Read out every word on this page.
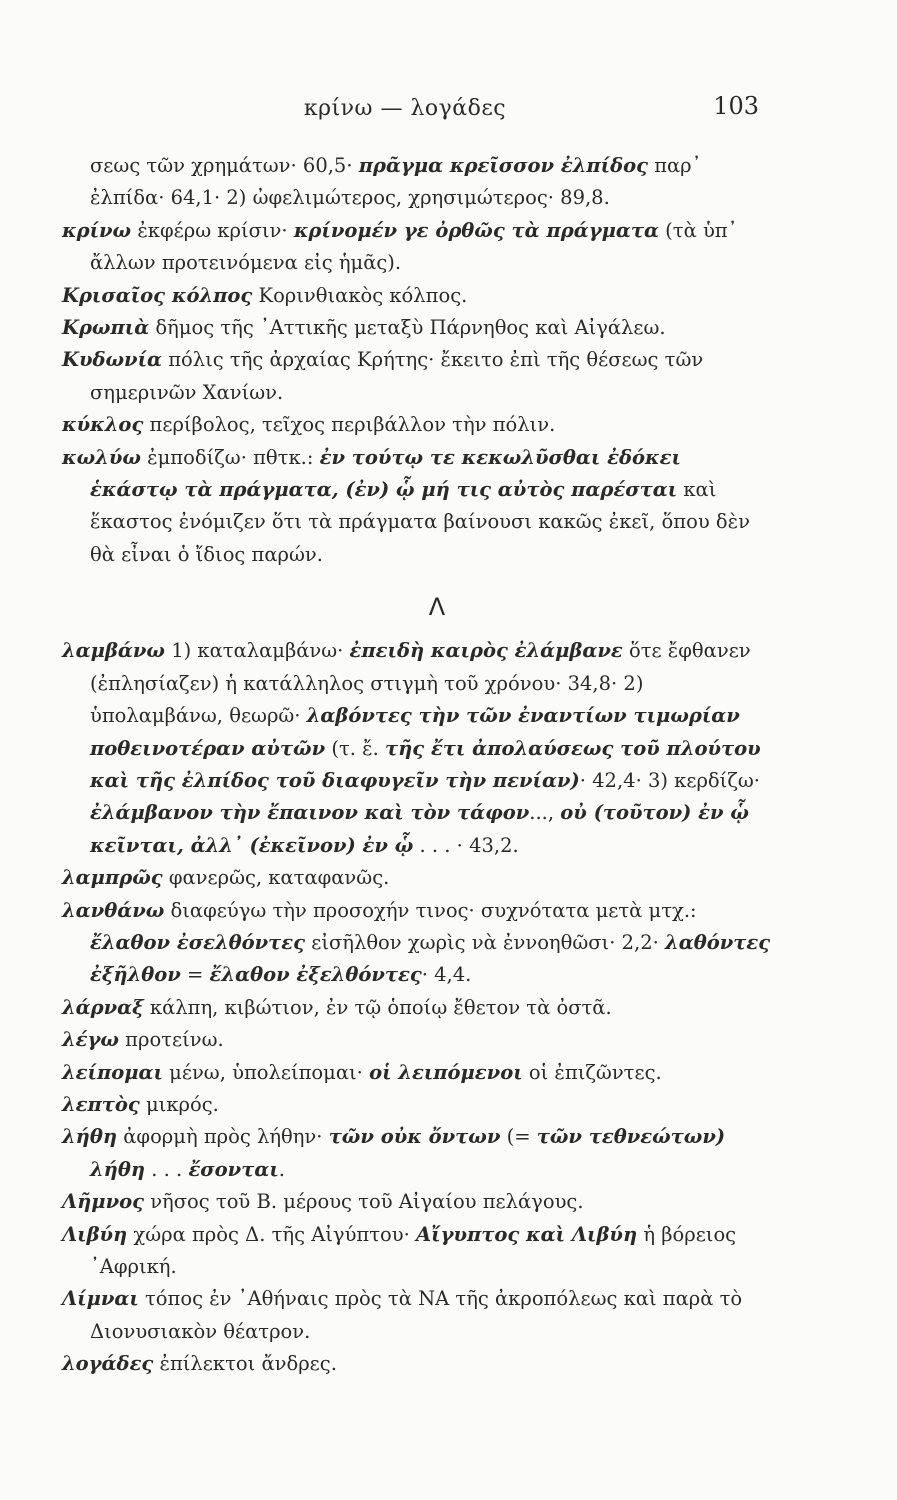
κρίνω — λογάδες	103
σεως τῶν χρημάτων· 60,5· πρᾶγμα κρεῖσσον ἐλπίδος παρ᾽ ἐλπίδα· 64,1· 2) ὠφελιμώτερος, χρησιμώτερος· 89,8.
κρίνω ἐκφέρω κρίσιν· κρίνομέν γε ὀρθῶς τὰ πράγματα (τὰ ὑπ᾽ ἄλλων προτεινόμενα εἰς ἡμᾶς).
Κρισαῖος κόλπος Κορινθιακὸς κόλπος.
Κρωπιὰ δῆμος τῆς ᾽Αττικῆς μεταξὺ Πάρνηθος καὶ Αἰγάλεω.
Κυδωνία πόλις τῆς ἀρχαίας Κρήτης· ἔκειτο ἐπὶ τῆς θέσεως τῶν σημερινῶν Χανίων.
κύκλος περίβολος, τεῖχος περιβάλλον τὴν πόλιν.
κωλύω ἐμποδίζω· πθτκ.: ἐν τούτῳ τε κεκωλῦσθαι ἐδόκει ἑκάστῳ τὰ πράγματα, (ἐν) ᾧ μή τις αὐτὸς παρέσται καὶ ἕκαστος ἐνόμιζεν ὅτι τὰ πράγματα βαίνουσι κακῶς ἐκεῖ, ὅπου δὲν θὰ εἶναι ὁ ἴδιος παρών.
Λ
λαμβάνω 1) καταλαμβάνω· ἐπειδὴ καιρὸς ἐλάμβανε ὅτε ἔφθανεν (ἐπλησίαζεν) ἡ κατάλληλος στιγμὴ τοῦ χρόνου· 34,8· 2) ὑπολαμβάνω, θεωρῶ· λαβόντες τὴν τῶν ἐναντίων τιμωρίαν ποθεινοτέραν αὐτῶν (τ. ἔ. τῆς ἔτι ἀπολαύσεως τοῦ πλούτου καὶ τῆς ἐλπίδος τοῦ διαφυγεῖν τὴν πενίαν)· 42,4· 3) κερδίζω· ἐλάμβανον τὴν ἔπαινον καὶ τὸν τάφον..., οὐ (τοῦτον) ἐν ᾧ κεῖνται, ἀλλ᾽ (ἐκεῖνον) ἐν ᾧ . . . · 43,2.
λαμπρῶς φανερῶς, καταφανῶς.
λανθάνω διαφεύγω τὴν προσοχήν τινος· συχνότατα μετὰ μτχ.: ἔλαθον ἐσελθόντες εἰσῆλθον χωρὶς νὰ ἐννοηθῶσι· 2,2· λαθόντες ἐξῆλθον = ἔλαθον ἐξελθόντες· 4,4.
λάρναξ κάλπη, κιβώτιον, ἐν τῷ ὁποίῳ ἔθετον τὰ ὀστᾶ.
λέγω προτείνω.
λείπομαι μένω, ὑπολείπομαι· οἱ λειπόμενοι οἱ ἐπιζῶντες.
λεπτὸς μικρός.
λήθη ἀφορμὴ πρὸς λήθην· τῶν οὐκ ὄντων (= τῶν τεθνεώτων) λήθη . . . ἔσονται.
Λῆμνος νῆσος τοῦ Β. μέρους τοῦ Αἰγαίου πελάγους.
Λιβύη χώρα πρὸς Δ. τῆς Αἰγύπτου· Αἴγυπτος καὶ Λιβύη ἡ βόρειος ᾽Αφρική.
Λίμναι τόπος ἐν ᾽Αθήναις πρὸς τὰ ΝΑ τῆς ἀκροπόλεως καὶ παρὰ τὸ Διονυσιακὸν θέατρον.
λογάδες ἐπίλεκτοι ἄνδρες.
